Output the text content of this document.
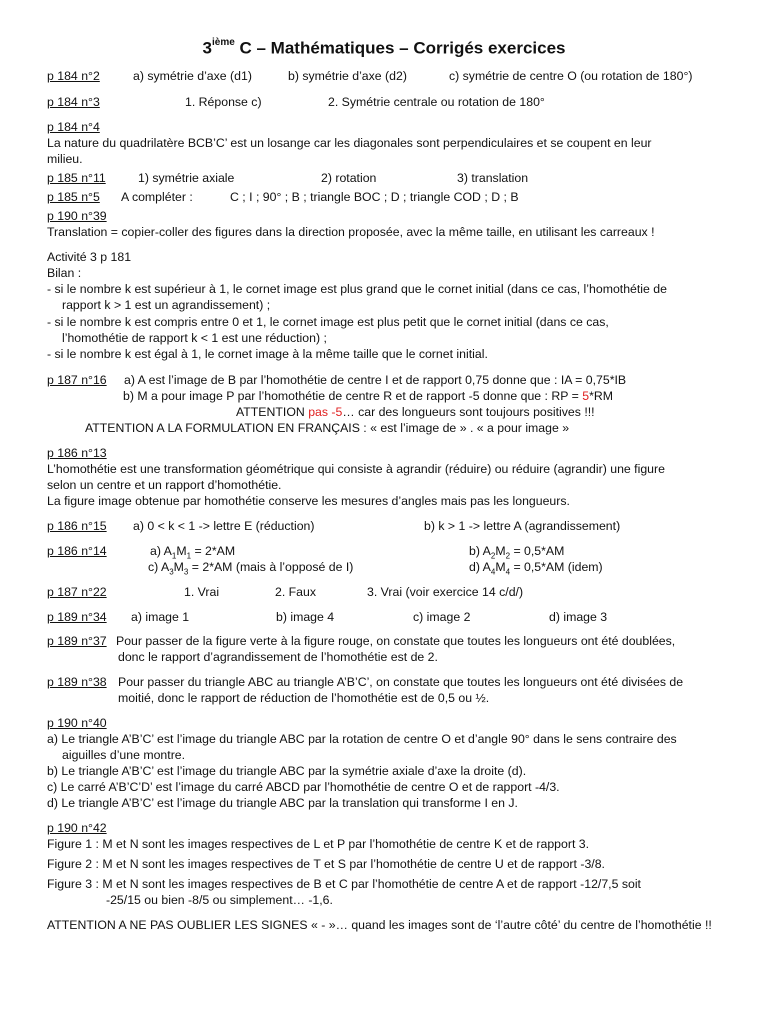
3ième C – Mathématiques – Corrigés exercices
p 184 n°2	a) symétrie d’axe (d1)	b) symétrie d’axe (d2)	c) symétrie de centre O (ou rotation de 180°)
p 184 n°3	1. Réponse c)	2. Symétrie centrale ou rotation de 180°
p 184 n°4
La nature du quadrilatère BCB’C’ est un losange car les diagonales sont perpendiculaires et se coupent en leur
milieu.
p 185 n°11	1) symétrie axiale	2) rotation	3) translation
p 185 n°5 A compléter :	C ; I ; 90° ; B ; triangle BOC ; D ; triangle COD ; D ; B
p 190 n°39
Translation = copier-coller des figures dans la direction proposée, avec la même taille, en utilisant les carreaux !
Activité 3 p 181
Bilan :
- si le nombre k est supérieur à 1, le cornet image est plus grand que le cornet initial (dans ce cas, l’homothétie de
rapport k > 1 est un agrandissement) ;
- si le nombre k est compris entre 0 et 1, le cornet image est plus petit que le cornet initial (dans ce cas,
l’homothétie de rapport k < 1 est une réduction) ;
- si le nombre k est égal à 1, le cornet image à la même taille que le cornet initial.
p 187 n°16 a) A est l’image de B par l’homothétie de centre I et de rapport 0,75 donne que : IA = 0,75*IB
b) M a pour image P par l’homothétie de centre R et de rapport -5 donne que : RP = 5*RM
ATTENTION pas -5… car des longueurs sont toujours positives !!!
ATTENTION A LA FORMULATION EN FRANÇAIS : « est l’image de » . « a pour image »
p 186 n°13
L’homothétie est une transformation géométrique qui consiste à agrandir (réduire) ou réduire (agrandir) une figure
selon un centre et un rapport d’homothétie.
La figure image obtenue par homothétie conserve les mesures d’angles mais pas les longueurs.
p 186 n°15 a) 0 < k < 1 -> lettre E (réduction)	b) k > 1 -> lettre A (agrandissement)
p 186 n°14	a) $A_1M_1 = 2*AM$	b) $A_2M_2 = 0,5*AM$
c) $A_3M_3 = 2*AM$ (mais à l’opposé de I)	d) $A_4M_4 = 0,5*AM$ (idem)
p 187 n°22	1. Vrai	2. Faux	3. Vrai (voir exercice 14 c/d/)
p 189 n°34 a) image 1	b) image 4	c) image 2	d) image 3
p 189 n°37 Pour passer de la figure verte à la figure rouge, on constate que toutes les longueurs ont été doublées,
donc le rapport d’agrandissement de l’homothétie est de 2.
p 189 n°38 Pour passer du triangle ABC au triangle A’B’C’, on constate que toutes les longueurs ont été divisées de
moitié, donc le rapport de réduction de l’homothétie est de 0,5 ou ½.
p 190 n°40
a) Le triangle A’B’C’ est l’image du triangle ABC par la rotation de centre O et d’angle 90° dans le sens contraire des
aiguilles d’une montre.
b) Le triangle A’B’C’ est l’image du triangle ABC par la symétrie axiale d’axe la droite (d).
c) Le carré A’B’C’D’ est l’image du carré ABCD par l’homothétie de centre O et de rapport -4/3.
d) Le triangle A’B’C’ est l’image du triangle ABC par la translation qui transforme I en J.
p 190 n°42
Figure 1 : M et N sont les images respectives de L et P par l’homothétie de centre K et de rapport 3.
Figure 2 : M et N sont les images respectives de T et S par l’homothétie de centre U et de rapport -3/8.
Figure 3 : M et N sont les images respectives de B et C par l’homothétie de centre A et de rapport -12/7,5 soit
-25/15 ou bien -8/5 ou simplement… -1,6.
ATTENTION A NE PAS OUBLIER LES SIGNES « - »… quand les images sont de ‘l’autre côté’ du centre de l’homothétie !!
